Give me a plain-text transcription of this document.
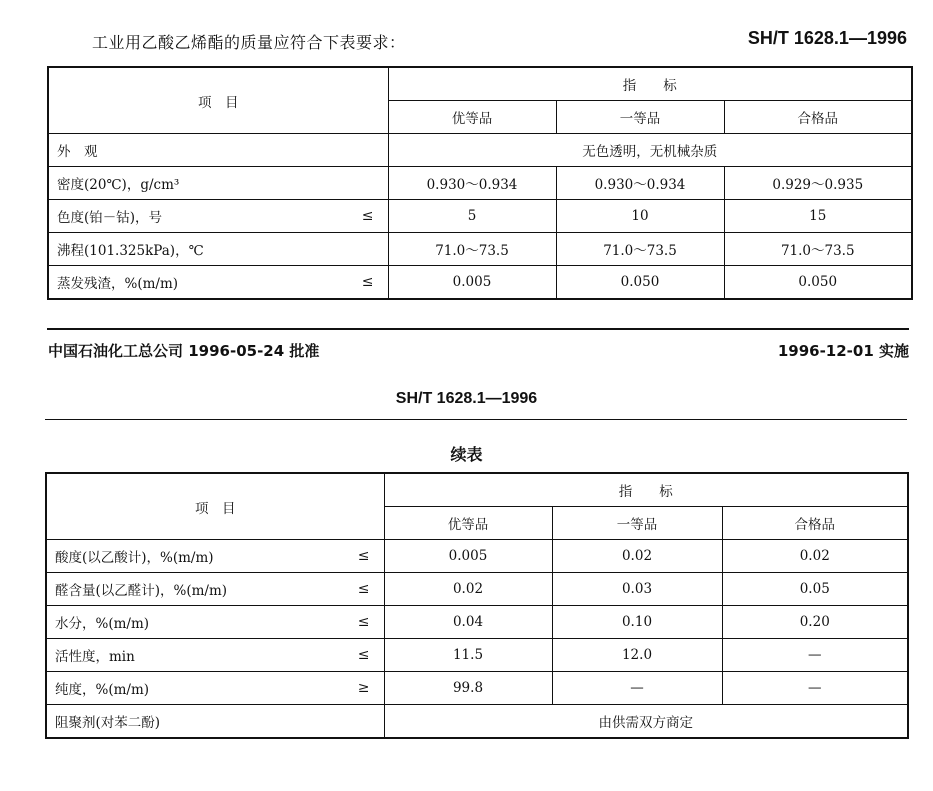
工业用乙酸乙烯酯的质量应符合下表要求：	SH/T 1628.1—1996
项　目	指　　标		
	优等品	一等品	合格品
外　观	无色透明，无机械杂质		
密度(20℃)，g/cm³	0.930～0.934	0.930～0.934	0.929～0.935
色度(铂－钴)，号 ≤	5	10	15
沸程(101.325kPa)，℃	71.0～73.5	71.0～73.5	71.0～73.5
蒸发残渣，%(m/m) ≤	0.005	0.050	0.050
中国石油化工总公司 1996-05-24 批准	1996-12-01 实施
SH/T 1628.1—1996
续表
项　目	指　　标		
	优等品	一等品	合格品
酸度(以乙酸计)，%(m/m) ≤	0.005	0.02	0.02
醛含量(以乙醛计)，%(m/m) ≤	0.02	0.03	0.05
水分，%(m/m) ≤	0.04	0.10	0.20
活性度，min ≤	11.5	12.0	—
纯度，%(m/m) ≥	99.8	—	—
阻聚剂(对苯二酚)	由供需双方商定		
